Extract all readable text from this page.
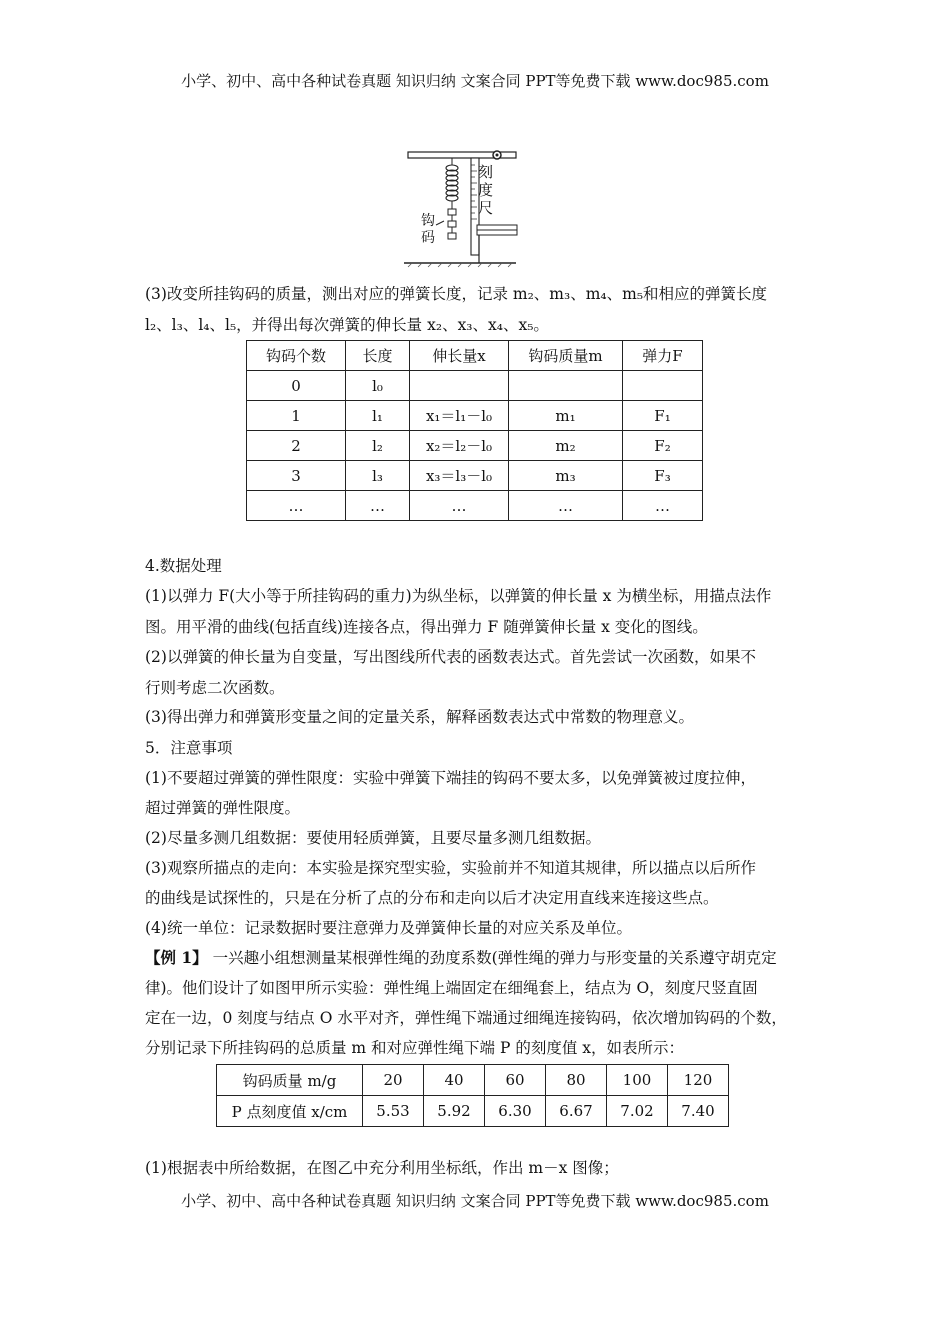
小学、初中、高中各种试卷真题 知识归纳 文案合同 PPT等免费下载 www.doc985.com
刻度尺
钩码
(3)改变所挂钩码的质量，测出对应的弹簧长度，记录 m₂、m₃、m₄、m₅和相应的弹簧长度
l₂、l₃、l₄、l₅，并得出每次弹簧的伸长量 x₂、x₃、x₄、x₅。
钩码个数	长度	伸长量x	钩码质量m	弹力F
0	l₀			
1	l₁	x₁＝l₁－l₀	m₁	F₁
2	l₂	x₂＝l₂－l₀	m₂	F₂
3	l₃	x₃＝l₃－l₀	m₃	F₃
…	…	…	…	…
4.数据处理
(1)以弹力 F(大小等于所挂钩码的重力)为纵坐标，以弹簧的伸长量 x 为横坐标，用描点法作
图。用平滑的曲线(包括直线)连接各点，得出弹力 F 随弹簧伸长量 x 变化的图线。
(2)以弹簧的伸长量为自变量，写出图线所代表的函数表达式。首先尝试一次函数，如果不
行则考虑二次函数。
(3)得出弹力和弹簧形变量之间的定量关系，解释函数表达式中常数的物理意义。
5．注意事项
(1)不要超过弹簧的弹性限度：实验中弹簧下端挂的钩码不要太多，以免弹簧被过度拉伸，
超过弹簧的弹性限度。
(2)尽量多测几组数据：要使用轻质弹簧，且要尽量多测几组数据。
(3)观察所描点的走向：本实验是探究型实验，实验前并不知道其规律，所以描点以后所作
的曲线是试探性的，只是在分析了点的分布和走向以后才决定用直线来连接这些点。
(4)统一单位：记录数据时要注意弹力及弹簧伸长量的对应关系及单位。
【例 1】 一兴趣小组想测量某根弹性绳的劲度系数(弹性绳的弹力与形变量的关系遵守胡克定
律)。他们设计了如图甲所示实验：弹性绳上端固定在细绳套上，结点为 O，刻度尺竖直固
定在一边，0 刻度与结点 O 水平对齐，弹性绳下端通过细绳连接钩码，依次增加钩码的个数，
分别记录下所挂钩码的总质量 m 和对应弹性绳下端 P 的刻度值 x，如表所示：
钩码质量 m/g	20	40	60	80	100	120
P 点刻度值 x/cm	5.53	5.92	6.30	6.67	7.02	7.40
(1)根据表中所给数据，在图乙中充分利用坐标纸，作出 m－x 图像；
小学、初中、高中各种试卷真题 知识归纳 文案合同 PPT等免费下载 www.doc985.com
